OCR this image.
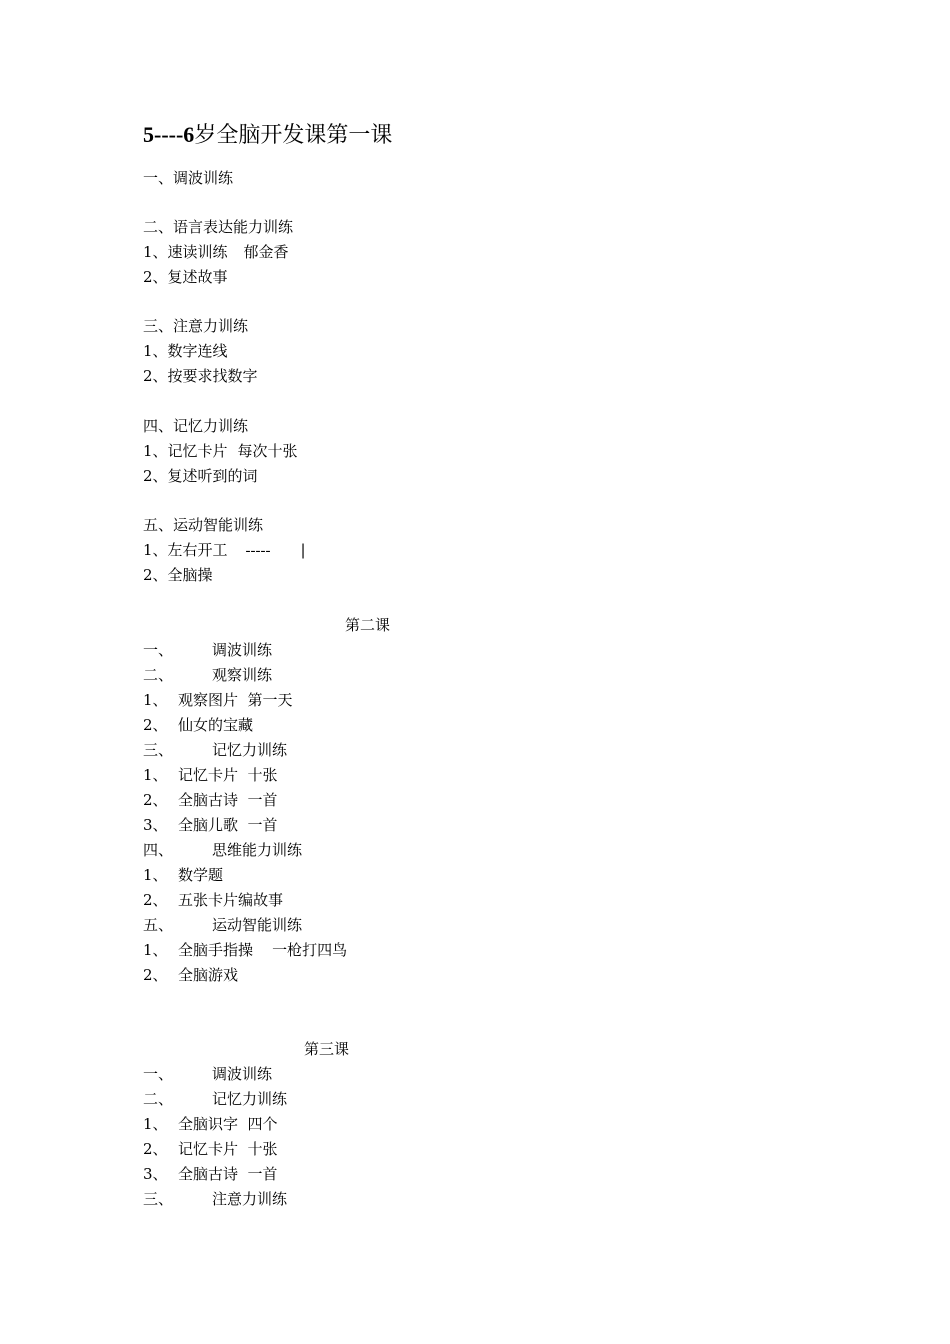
5----6岁全脑开发课第一课
一、调波训练
二、语言表达能力训练
1、速读训练 郁金香
2、复述故事
三、注意力训练
1、数字连线
2、按要求找数字
四、记忆力训练
1、记忆卡片 每次十张
2、复述听到的词
五、运动智能训练
1、左右开工 ----- |
2、全脑操
第二课
一、	调波训练
二、	观察训练
1、 观察图片  第一天
2、 仙女的宝藏
三、	记忆力训练
1、 记忆卡片  十张
2、 全脑古诗  一首
3、 全脑儿歌  一首
四、	思维能力训练
1、 数学题
2、 五张卡片编故事
五、	运动智能训练
1、 全脑手指操    一枪打四鸟
2、 全脑游戏
第三课
一、	调波训练
二、	记忆力训练
1、 全脑识字  四个
2、 记忆卡片  十张
3、 全脑古诗  一首
三、	注意力训练
